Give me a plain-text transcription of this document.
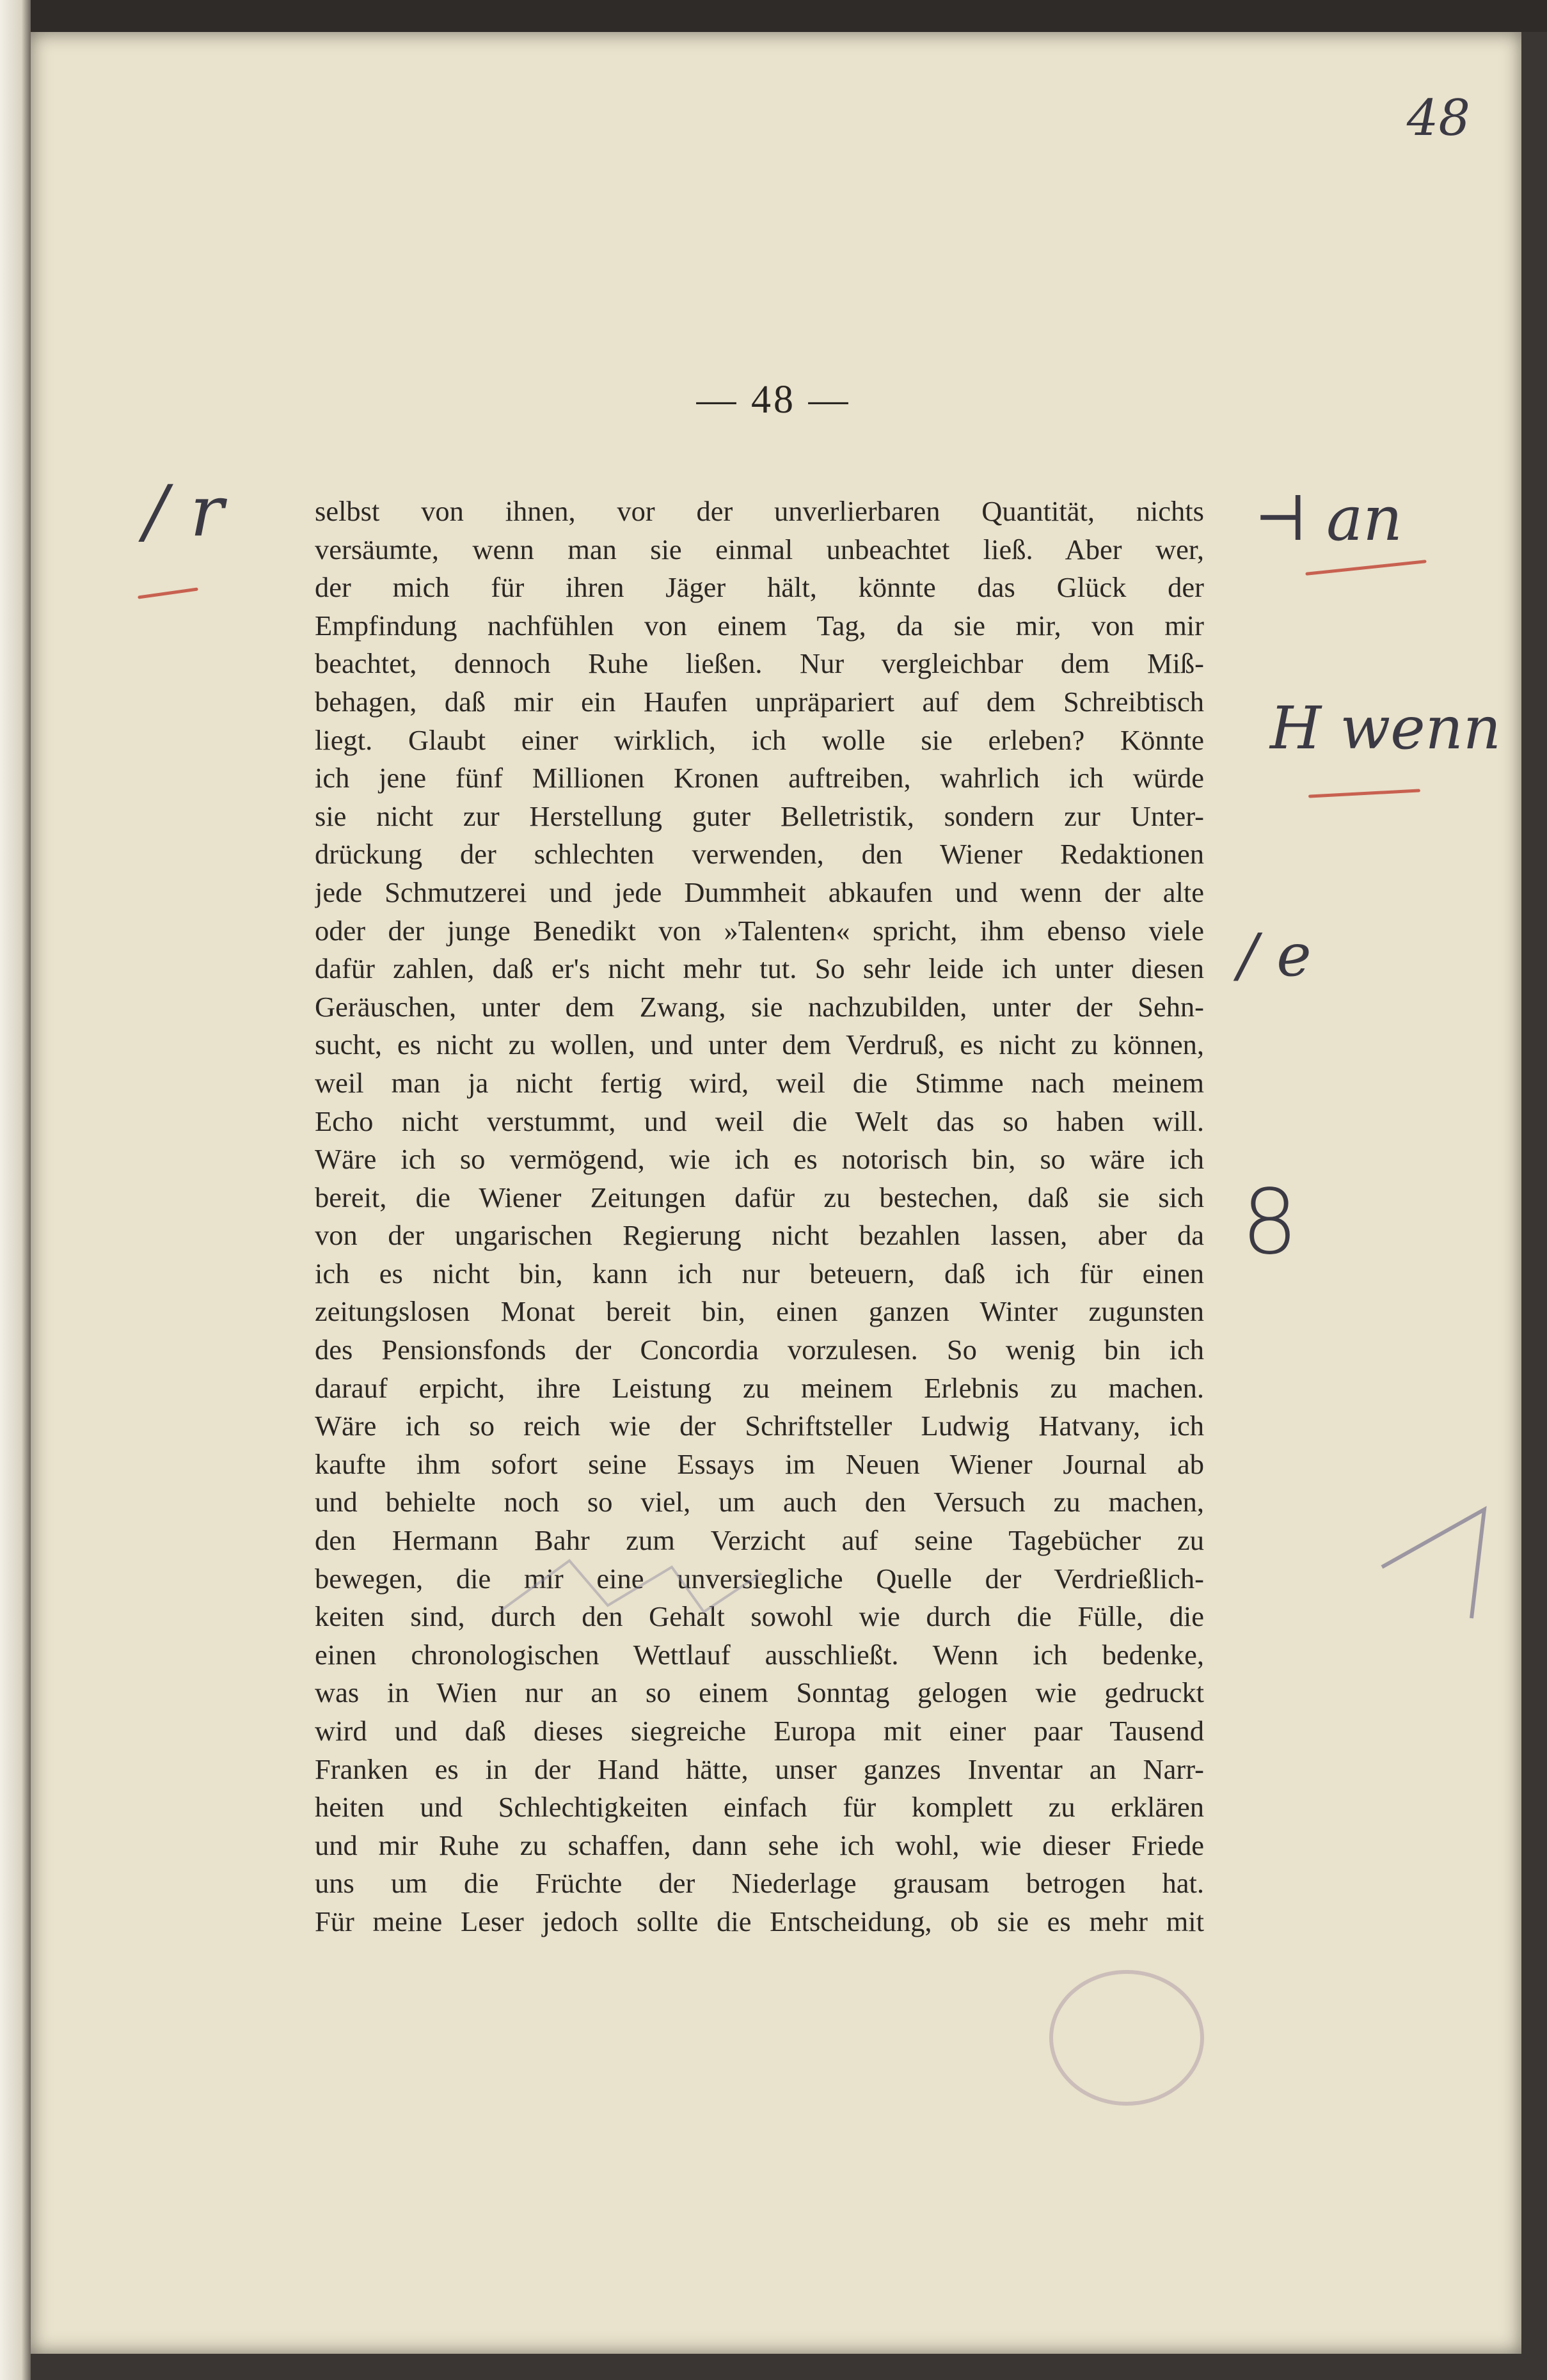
48
— 48 —
selbst von ihnen, vor der unverlierbaren Quantität, nichts
versäumte, wenn man sie einmal unbeachtet ließ. Aber wer,
der mich für ihren Jäger hält, könnte das Glück der
Empfindung nachfühlen von einem Tag, da sie mir, von mir
beachtet, dennoch Ruhe ließen. Nur vergleichbar dem Miß-
behagen, daß mir ein Haufen unpräpariert auf dem Schreibtisch
liegt. Glaubt einer wirklich, ich wolle sie erleben? Könnte
ich jene fünf Millionen Kronen auftreiben, wahrlich ich würde
sie nicht zur Herstellung guter Belletristik, sondern zur Unter-
drückung der schlechten verwenden, den Wiener Redaktionen
jede Schmutzerei und jede Dummheit abkaufen und wenn der alte
oder der junge Benedikt von »Talenten« spricht, ihm ebenso viele
dafür zahlen, daß er's nicht mehr tut. So sehr leide ich unter diesen
Geräuschen, unter dem Zwang, sie nachzubilden, unter der Sehn-
sucht, es nicht zu wollen, und unter dem Verdruß, es nicht zu können,
weil man ja nicht fertig wird, weil die Stimme nach meinem
Echo nicht verstummt, und weil die Welt das so haben will.
Wäre ich so vermögend, wie ich es notorisch bin, so wäre ich
bereit, die Wiener Zeitungen dafür zu bestechen, daß sie sich
von der ungarischen Regierung nicht bezahlen lassen, aber da
ich es nicht bin, kann ich nur beteuern, daß ich für einen
zeitungslosen Monat bereit bin, einen ganzen Winter zugunsten
des Pensionsfonds der Concordia vorzulesen. So wenig bin ich
darauf erpicht, ihre Leistung zu meinem Erlebnis zu machen.
Wäre ich so reich wie der Schriftsteller Ludwig Hatvany, ich
kaufte ihm sofort seine Essays im Neuen Wiener Journal ab
und behielte noch so viel, um auch den Versuch zu machen,
den Hermann Bahr zum Verzicht auf seine Tagebücher zu
bewegen, die mir eine unversiegliche Quelle der Verdrießlich-
keiten sind, durch den Gehalt sowohl wie durch die Fülle, die
einen chronologischen Wettlauf ausschließt. Wenn ich bedenke,
was in Wien nur an so einem Sonntag gelogen wie gedruckt
wird und daß dieses siegreiche Europa mit einer paar Tausend
Franken es in der Hand hätte, unser ganzes Inventar an Narr-
heiten und Schlechtigkeiten einfach für komplett zu erklären
und mir Ruhe zu schaffen, dann sehe ich wohl, wie dieser Friede
uns um die Früchte der Niederlage grausam betrogen hat.
Für meine Leser jedoch sollte die Entscheidung, ob sie es mehr mit
/ r	⊣ an
H wenn
/ e
8
